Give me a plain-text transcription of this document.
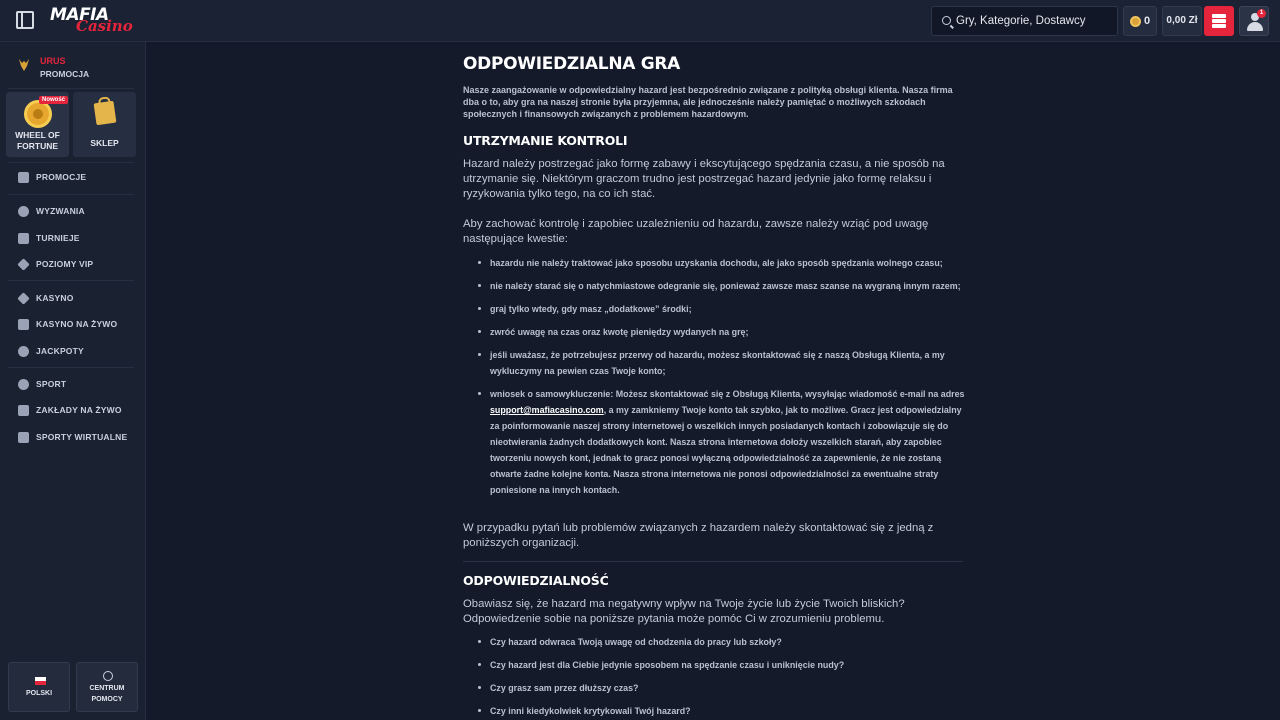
MAFIA
Casino
Gry, Kategorie, Dostawcy	0	0,00 Zł
1
URUS
PROMOCJA
Nowość
WHEEL OF
FORTUNE	SKLEP
PROMOCJE
WYZWANIA
TURNIEJE
POZIOMY VIP
KASYNO
KASYNO NA ŻYWO
JACKPOTY
SPORT
ZAKŁADY NA ŻYWO
SPORTY WIRTUALNE
POLSKI
CENTRUM
POMOCY
ODPOWIEDZIALNA GRA

Nasze zaangażowanie w odpowiedzialny hazard jest bezpośrednio związane z polityką obsługi klienta. Nasza firma dba o to, aby gra na naszej stronie była przyjemna, ale jednocześnie należy pamiętać o możliwych szkodach społecznych i finansowych związanych z problemem hazardowym.

UTRZYMANIE KONTROLI

Hazard należy postrzegać jako formę zabawy i ekscytującego spędzania czasu, a nie sposób na utrzymanie się. Niektórym graczom trudno jest postrzegać hazard jedynie jako formę relaksu i ryzykowania tylko tego, na co ich stać.

Aby zachować kontrolę i zapobiec uzależnieniu od hazardu, zawsze należy wziąć pod uwagę następujące kwestie:

hazardu nie należy traktować jako sposobu uzyskania dochodu, ale jako sposób spędzania wolnego czasu;
nie należy starać się o natychmiastowe odegranie się, ponieważ zawsze masz szanse na wygraną innym razem;
graj tylko wtedy, gdy masz „dodatkowe” środki;
zwróć uwagę na czas oraz kwotę pieniędzy wydanych na grę;
jeśli uważasz, że potrzebujesz przerwy od hazardu, możesz skontaktować się z naszą Obsługą Klienta, a my wykluczymy na pewien czas Twoje konto;
wniosek o samowykluczenie: Możesz skontaktować się z Obsługą Klienta, wysyłając wiadomość e-mail na adres support@mafiacasino.com, a my zamkniemy Twoje konto tak szybko, jak to możliwe. Gracz jest odpowiedzialny za poinformowanie naszej strony internetowej o wszelkich innych posiadanych kontach i zobowiązuje się do nieotwierania żadnych dodatkowych kont. Nasza strona internetowa dołoży wszelkich starań, aby zapobiec tworzeniu nowych kont, jednak to gracz ponosi wyłączną odpowiedzialność za zapewnienie, że nie zostaną otwarte żadne kolejne konta. Nasza strona internetowa nie ponosi odpowiedzialności za ewentualne straty poniesione na innych kontach.

W przypadku pytań lub problemów związanych z hazardem należy skontaktować się z jedną z poniższych organizacji.

ODPOWIEDZIALNOŚĆ

Obawiasz się, że hazard ma negatywny wpływ na Twoje życie lub życie Twoich bliskich? Odpowiedzenie sobie na poniższe pytania może pomóc Ci w zrozumieniu problemu.

Czy hazard odwraca Twoją uwagę od chodzenia do pracy lub szkoły?
Czy hazard jest dla Ciebie jedynie sposobem na spędzanie czasu i uniknięcie nudy?
Czy grasz sam przez dłuższy czas?
Czy inni kiedykolwiek krytykowali Twój hazard?
